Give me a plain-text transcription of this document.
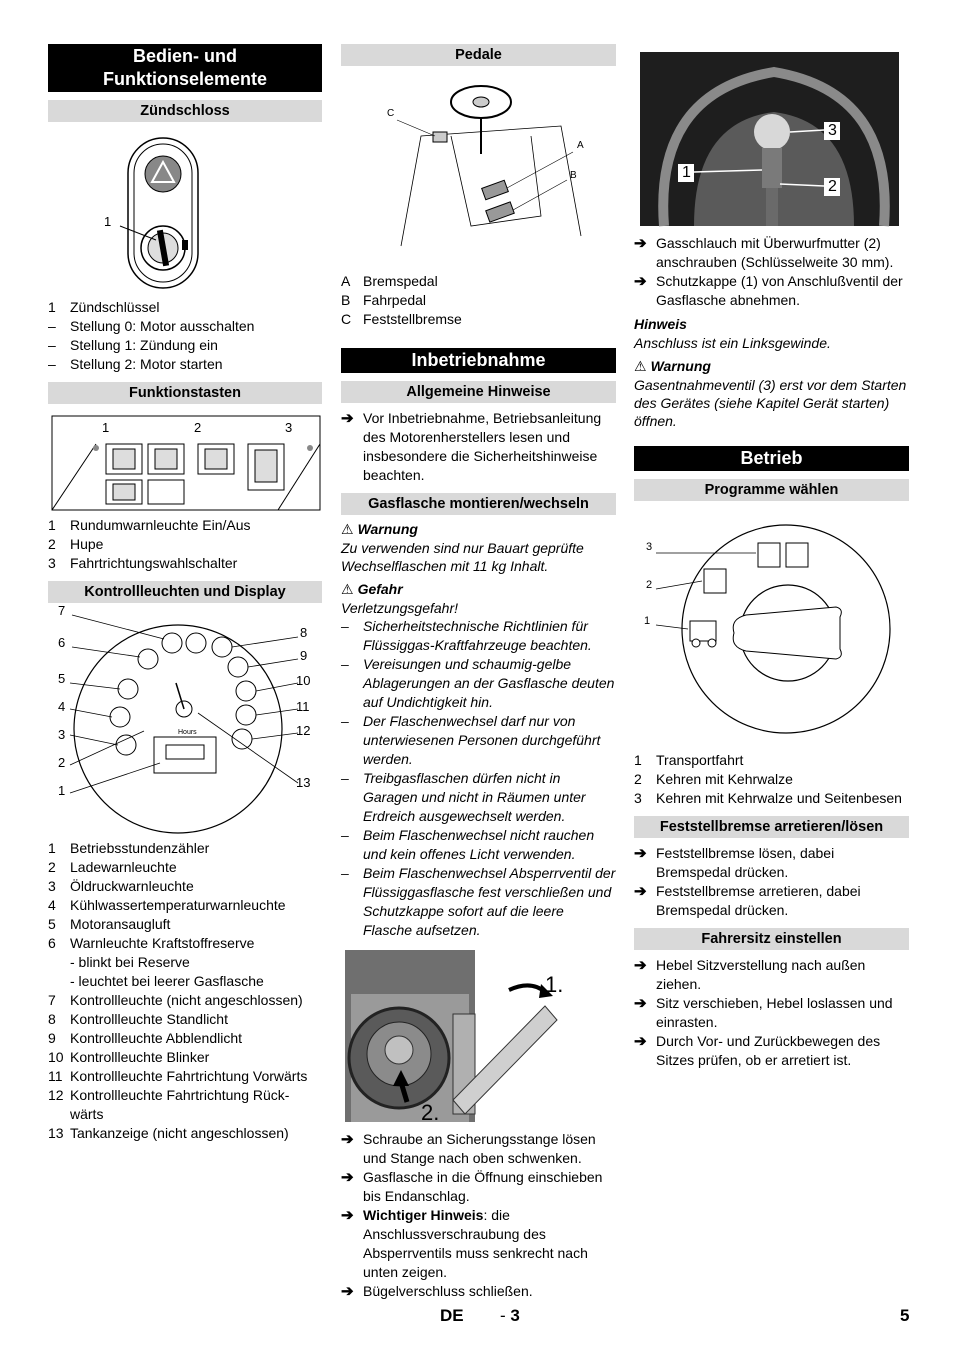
Bedien- und Funktionselemente
Zündschloss
1
1	Zündschlüssel
–	Stellung 0: Motor ausschalten
–	Stellung 1: Zündung ein
–	Stellung 2: Motor starten
Funktionstasten
1	2	3
1	Rundumwarnleuchte Ein/Aus
2	Hupe
3	Fahrtrichtungswahlschalter
Kontrollleuchten und Display
Hours
7
6
5
4
3
2
1
8
9
10
11
12
13
1	Betriebsstundenzähler
2	Ladewarnleuchte
3	Öldruckwarnleuchte
4	Kühlwassertemperaturwarnleuchte
5	Motoransaugluft
6	Warnleuchte Kraftstoffreserve
- blinkt bei Reserve
- leuchtet bei leerer Gasflasche
7	Kontrollleuchte (nicht angeschlossen)
8	Kontrollleuchte Standlicht
9	Kontrollleuchte Abblendlicht
10 Kontrollleuchte Blinker
11 Kontrollleuchte Fahrtrichtung Vorwärts
12 Kontrollleuchte Fahrtrichtung Rück-wärts
13 Tankanzeige (nicht angeschlossen)
Pedale
C
A
B
A Bremspedal
B Fahrpedal
C Feststellbremse
Inbetriebnahme
Allgemeine Hinweise
➔ Vor Inbetriebnahme, Betriebsanleitung des Motorenherstellers lesen und insbesondere die Sicherheitshinweise beachten.
Gasflasche montieren/wechseln
⚠ Warnung
Zu verwenden sind nur Bauart geprüfte Wechselflaschen mit 11 kg Inhalt.
⚠ Gefahr
Verletzungsgefahr!
–	Sicherheitstechnische Richtlinien für Flüssiggas-Kraftfahrzeuge beachten.
–	Vereisungen und schaumig-gelbe Ablagerungen an der Gasflasche deuten auf Undichtigkeit hin.
–	Der Flaschenwechsel darf nur von unterwiesenen Personen durchgeführt werden.
–	Treibgasflaschen dürfen nicht in Garagen und nicht in Räumen unter Erdreich ausgewechselt werden.
–	Beim Flaschenwechsel nicht rauchen und kein offenes Licht verwenden.
–	Beim Flaschenwechsel Absperrventil der Flüssiggasflasche fest verschließen und Schutzkappe sofort auf die leere Flasche aufsetzen.
1.
2.
➔ Schraube an Sicherungsstange lösen und Stange nach oben schwenken.
➔ Gasflasche in die Öffnung einschieben bis Endanschlag.
➔ Wichtiger Hinweis: die Anschlussverschraubung des Absperrventils muss senkrecht nach unten zeigen.
➔ Bügelverschluss schließen.
1
2
3
➔ Gasschlauch mit Überwurfmutter (2) anschrauben (Schlüsselweite 30 mm).
➔ Schutzkappe (1) von Anschlußventil der Gasflasche abnehmen.
Hinweis
Anschluss ist ein Linksgewinde.
⚠ Warnung
Gasentnahmeventil (3) erst vor dem Starten des Gerätes (siehe Kapitel Gerät starten) öffnen.
Betrieb
Programme wählen
3
2
1
1	Transportfahrt
2	Kehren mit Kehrwalze
3	Kehren mit Kehrwalze und Seitenbesen
Feststellbremse arretieren/lösen
➔ Feststellbremse lösen, dabei Bremspedal drücken.
➔ Feststellbremse arretieren, dabei Bremspedal drücken.
Fahrersitz einstellen
➔ Hebel Sitzverstellung nach außen ziehen.
➔ Sitz verschieben, Hebel loslassen und einrasten.
➔ Durch Vor- und Zurückbewegen des Sitzes prüfen, ob er arretiert ist.
DE - 3	5
